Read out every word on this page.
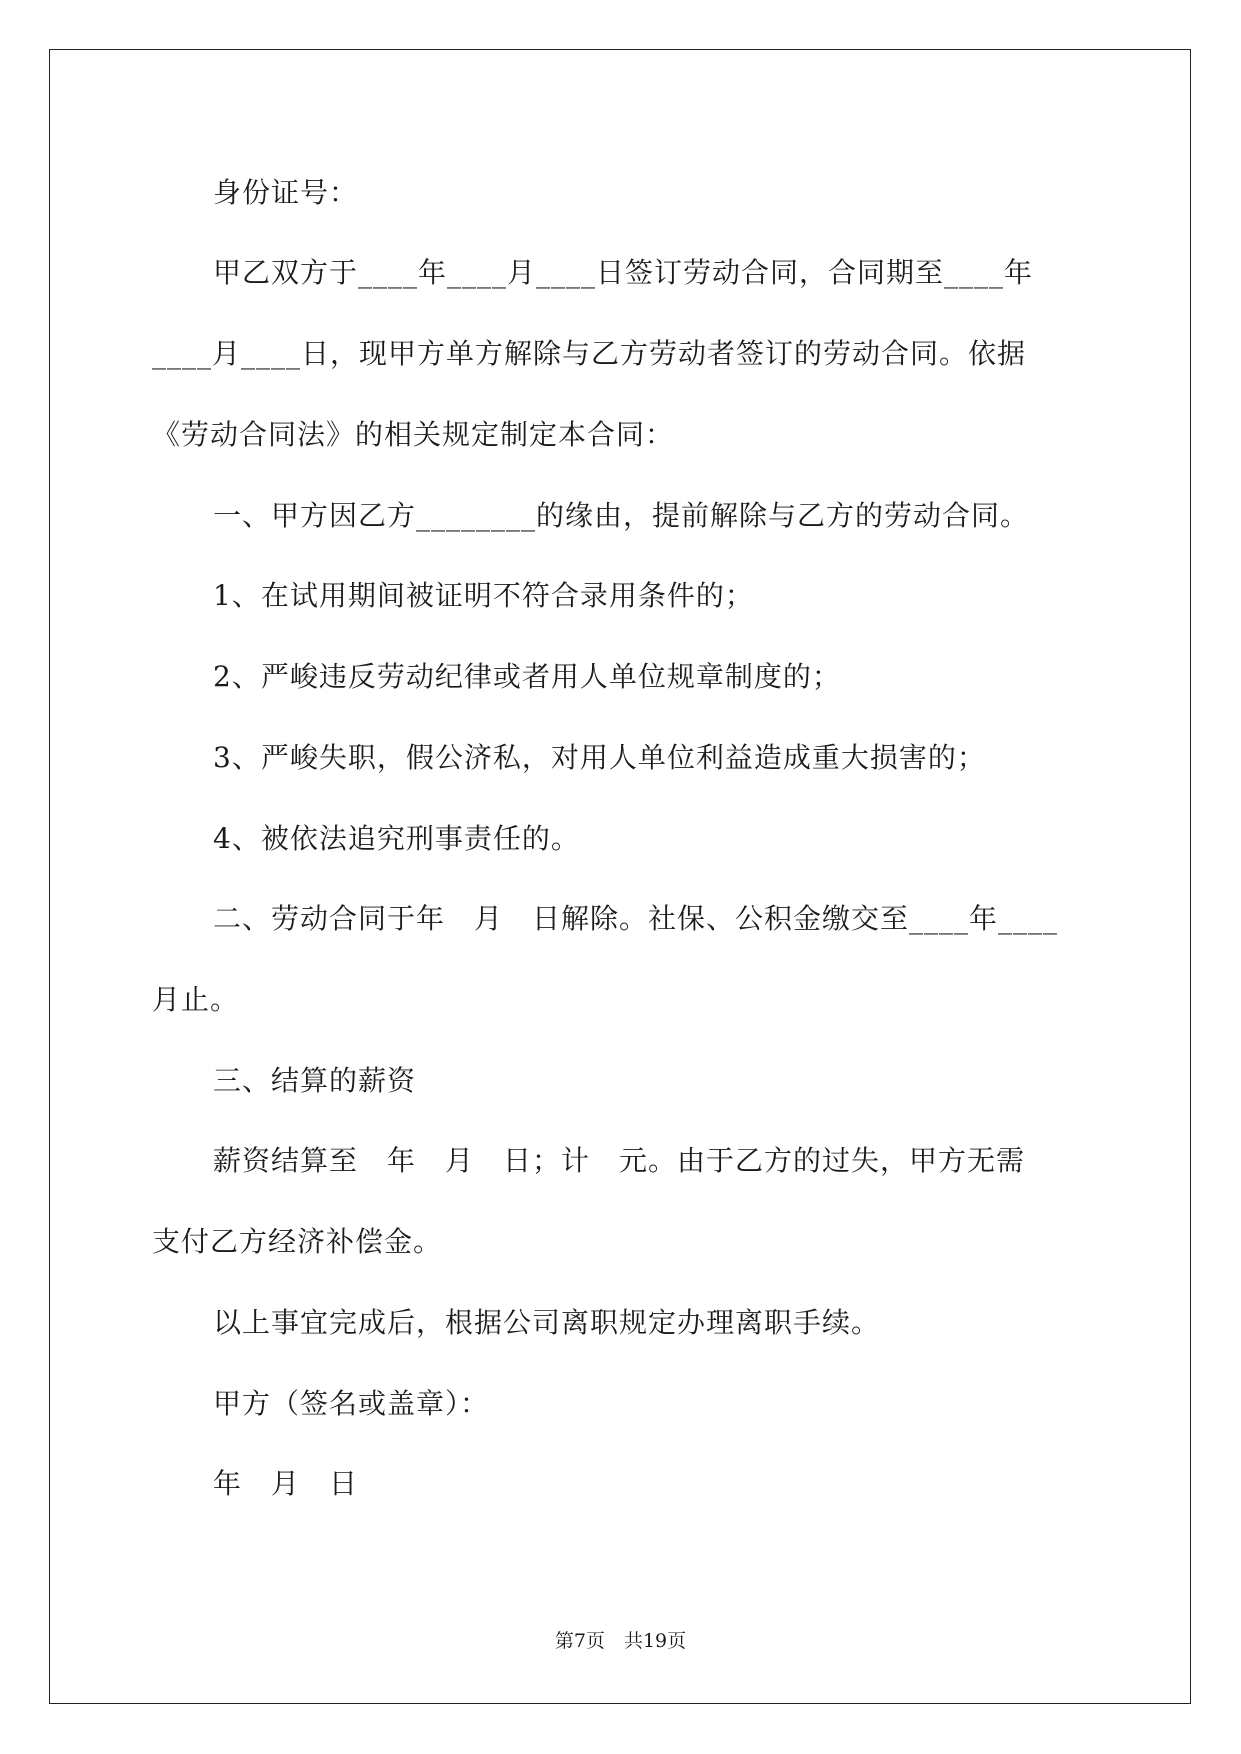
身份证号：
甲乙双方于____年____月____日签订劳动合同，合同期至____年
____月____日，现甲方单方解除与乙方劳动者签订的劳动合同。依据
《劳动合同法》的相关规定制定本合同：
一、甲方因乙方________的缘由，提前解除与乙方的劳动合同。
1、在试用期间被证明不符合录用条件的；
2、严峻违反劳动纪律或者用人单位规章制度的；
3、严峻失职，假公济私，对用人单位利益造成重大损害的；
4、被依法追究刑事责任的。
二、劳动合同于年　月　日解除。社保、公积金缴交至____年____
月止。
三、结算的薪资
薪资结算至　年　月　日；计　元。由于乙方的过失，甲方无需
支付乙方经济补偿金。
以上事宜完成后，根据公司离职规定办理离职手续。
甲方（签名或盖章）：
年　月　日
第7页　共19页
